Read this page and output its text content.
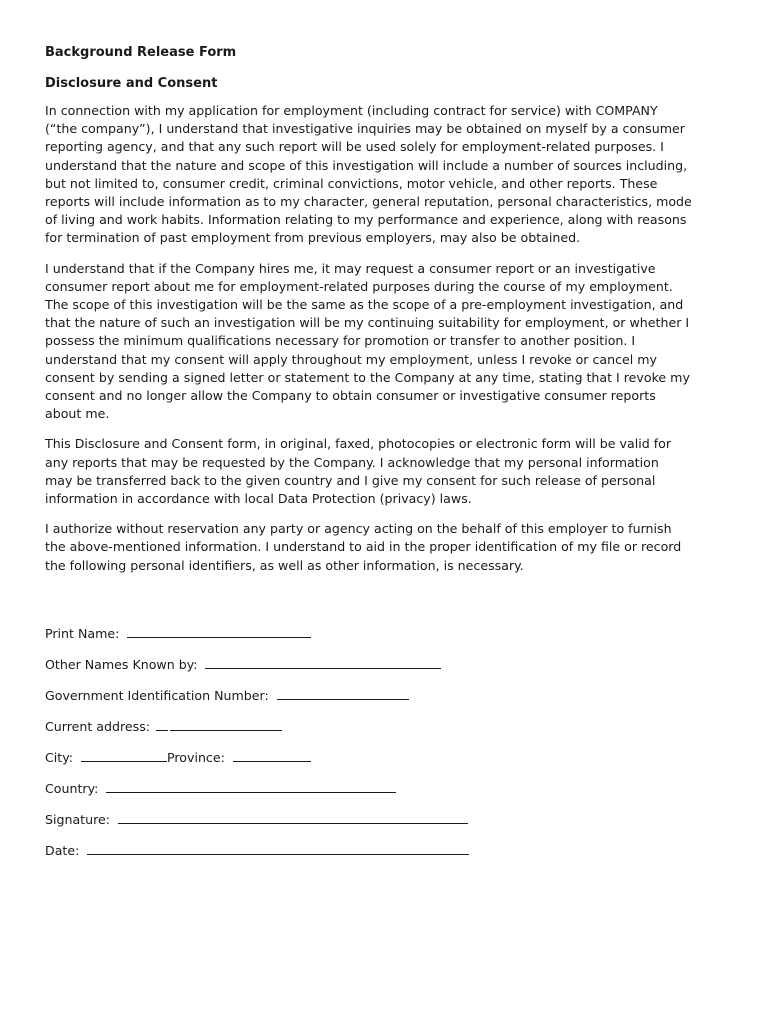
Background Release Form
Disclosure and Consent
In connection with my application for employment (including contract for service) with COMPANY
(“the company”), I understand that investigative inquiries may be obtained on myself by a consumer
reporting agency, and that any such report will be used solely for employment-related purposes. I
understand that the nature and scope of this investigation will include a number of sources including,
but not limited to, consumer credit, criminal convictions, motor vehicle, and other reports. These
reports will include information as to my character, general reputation, personal characteristics, mode
of living and work habits. Information relating to my performance and experience, along with reasons
for termination of past employment from previous employers, may also be obtained.
I understand that if the Company hires me, it may request a consumer report or an investigative
consumer report about me for employment-related purposes during the course of my employment.
The scope of this investigation will be the same as the scope of a pre-employment investigation, and
that the nature of such an investigation will be my continuing suitability for employment, or whether I
possess the minimum qualifications necessary for promotion or transfer to another position. I
understand that my consent will apply throughout my employment, unless I revoke or cancel my
consent by sending a signed letter or statement to the Company at any time, stating that I revoke my
consent and no longer allow the Company to obtain consumer or investigative consumer reports
about me.
This Disclosure and Consent form, in original, faxed, photocopies or electronic form will be valid for
any reports that may be requested by the Company. I acknowledge that my personal information
may be transferred back to the given country and I give my consent for such release of personal
information in accordance with local Data Protection (privacy) laws.
I authorize without reservation any party or agency acting on the behalf of this employer to furnish
the above-mentioned information. I understand to aid in the proper identification of my file or record
the following personal identifiers, as well as other information, is necessary.
Print Name:
Other Names Known by:
Government Identification Number:
Current address:
City:	Province:
Country:
Signature:
Date:
